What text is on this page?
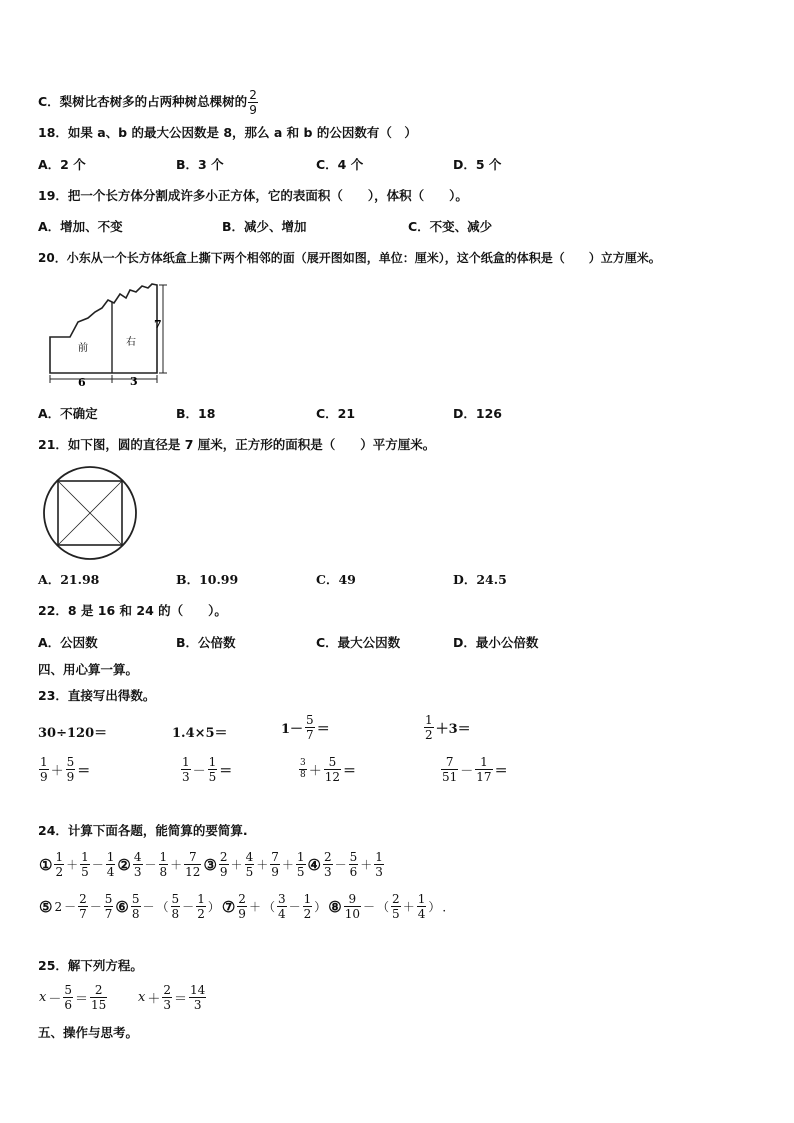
C．梨树比杏树多的占两种树总棵树的 $\frac{2}{9}$
18．如果 a、b 的最大公因数是 8，那么 a 和 b 的公因数有（　）
A．2 个	B．3 个	C．4 个	D．5 个
19．把一个长方体分割成许多小正方体，它的表面积（　　），体积（　　）。
A．增加、不变	B．减少、增加	C．不变、减少
20．小东从一个长方体纸盒上撕下两个相邻的面（展开图如图，单位：厘米），这个纸盒的体积是（　　）立方厘米。
前
右
6	3
7
A．不确定	B．18	C．21	D．126
21．如下图，圆的直径是 7 厘米，正方形的面积是（　　）平方厘米。
A．21.98	B．10.99	C．49	D．24.5
22．8 是 16 和 24 的（　　）。
A．公因数	B．公倍数	C．最大公因数	D．最小公倍数
四、用心算一算。
23．直接写出得数。
30÷120＝	1.4×5＝	$1- \frac{5}{7}$ ＝	$\frac{1}{2} +3=$
$\frac{1}{9} + \frac{5}{9}$ ＝	$\frac{1}{3} - \frac{1}{5}$ ＝	$\frac{3}{8} + \frac{5}{12}$ ＝	$\frac{7}{51} - \frac{1}{17}$ ＝
24．计算下面各题，能简算的要简算.
① $\frac{1}{2} + \frac{1}{5} - \frac{1}{4}$ ② $\frac{4}{3} - \frac{1}{8} + \frac{7}{12}$ ③ $\frac{2}{9} + \frac{4}{5} + \frac{7}{9} + \frac{1}{5}$ ④ $\frac{2}{3} - \frac{5}{6} + \frac{1}{3}$
⑤ $2 - \frac{2}{7} - \frac{5}{7}$ ⑥ $\frac{5}{8}$ － （ $\frac{5}{8} - \frac{1}{2}$ ） ⑦ $\frac{2}{9}$ ＋ （ $\frac{3}{4} - \frac{1}{2}$ ） ⑧ $\frac{9}{10}$ － （ $\frac{2}{5} + \frac{1}{4}$ ） ．
25．解下列方程。
$x - \frac{5}{6} = \frac{2}{15}$ $x + \frac{2}{3} = \frac{14}{3}$
五、操作与思考。
